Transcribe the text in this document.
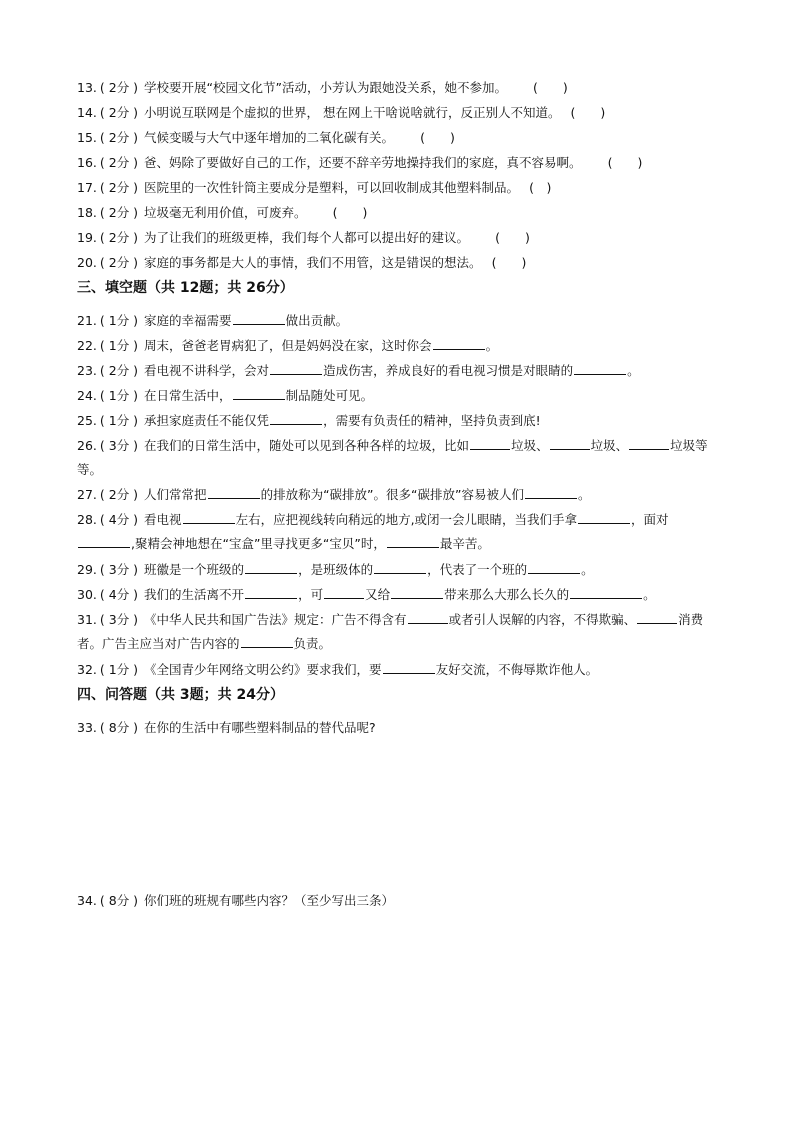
13. ( 2分 ) 学校要开展“校园文化节”活动，小芳认为跟她没关系，她不参加。 (　　)
14. ( 2分 ) 小明说互联网是个虚拟的世界， 想在网上干啥说啥就行，反正别人不知道。 (　　)
15. ( 2分 ) 气候变暖与大气中逐年增加的二氧化碳有关。 (　　)
16. ( 2分 ) 爸、妈除了要做好自己的工作，还要不辞辛劳地操持我们的家庭，真不容易啊。 (　　)
17. ( 2分 ) 医院里的一次性针筒主要成分是塑料，可以回收制成其他塑料制品。 (　)
18. ( 2分 ) 垃圾毫无利用价值，可废弃。 (　　)
19. ( 2分 ) 为了让我们的班级更棒，我们每个人都可以提出好的建议。 (　　)
20. ( 2分 ) 家庭的事务都是大人的事情，我们不用管，这是错误的想法。 (　　)
三、填空题（共 12题；共 26分）
21. ( 1分 ) 家庭的幸福需要	做出贡献。
22. ( 1分 ) 周末，爸爸老胃病犯了，但是妈妈没在家，这时你会	。
23. ( 2分 ) 看电视不讲科学，会对	造成伤害，养成良好的看电视习惯是对眼睛的	。
24. ( 1分 ) 在日常生活中，	制品随处可见。
25. ( 1分 ) 承担家庭责任不能仅凭	，需要有负责任的精神，坚持负责到底!
26. ( 3分 ) 在我们的日常生活中，随处可以见到各种各样的垃圾，比如	垃圾、	垃圾、	垃圾等等。
27. ( 2分 ) 人们常常把	的排放称为“碳排放”。很多“碳排放”容易被人们	。
28. ( 4分 ) 看电视	左右，应把视线转向稍远的地方,或闭一会儿眼睛，当我们手拿	，面对,聚精会神地想在“宝盒”里寻找更多“宝贝”时，	最辛苦。
29. ( 3分 ) 班徽是一个班级的	，是班级体的	，代表了一个班的	。
30. ( 4分 ) 我们的生活离不开	，可	又给	带来那么大那么长久的	。
31. ( 3分 ) 《中华人民共和国广告法》规定：广告不得含有	或者引人误解的内容，不得欺骗、	消费者。广告主应当对广告内容的	负责。
32. ( 1分 ) 《全国青少年网络文明公约》要求我们，要	友好交流，不侮辱欺诈他人。
四、问答题（共 3题；共 24分）
33. ( 8分 ) 在你的生活中有哪些塑料制品的替代品呢?
34. ( 8分 ) 你们班的班规有哪些内容？（至少写出三条）
